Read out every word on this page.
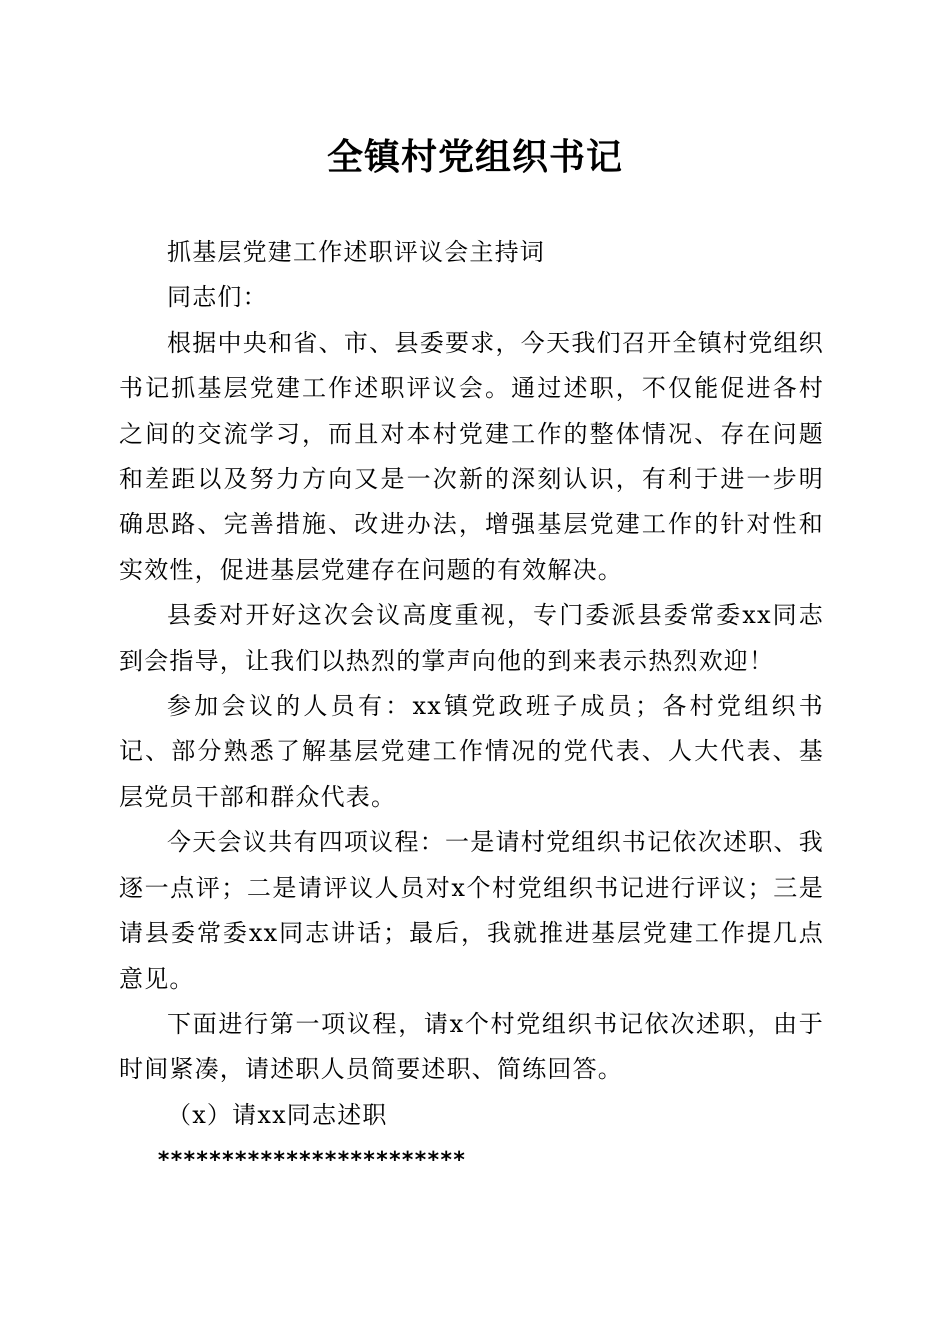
全镇村党组织书记

抓基层党建工作述职评议会主持词

同志们：

根据中央和省、市、县委要求，今天我们召开全镇村党组织书记抓基层党建工作述职评议会。通过述职，不仅能促进各村之间的交流学习，而且对本村党建工作的整体情况、存在问题和差距以及努力方向又是一次新的深刻认识，有利于进一步明确思路、完善措施、改进办法，增强基层党建工作的针对性和实效性，促进基层党建存在问题的有效解决。

县委对开好这次会议高度重视，专门委派县委常委xx同志到会指导，让我们以热烈的掌声向他的到来表示热烈欢迎！

参加会议的人员有：xx镇党政班子成员；各村党组织书记、部分熟悉了解基层党建工作情况的党代表、人大代表、基层党员干部和群众代表。

今天会议共有四项议程：一是请村党组织书记依次述职、我逐一点评；二是请评议人员对x个村党组织书记进行评议；三是请县委常委xx同志讲话；最后，我就推进基层党建工作提几点意见。

下面进行第一项议程，请x个村党组织书记依次述职，由于时间紧凑，请述职人员简要述职、简练回答。

（x）请xx同志述职

************************
